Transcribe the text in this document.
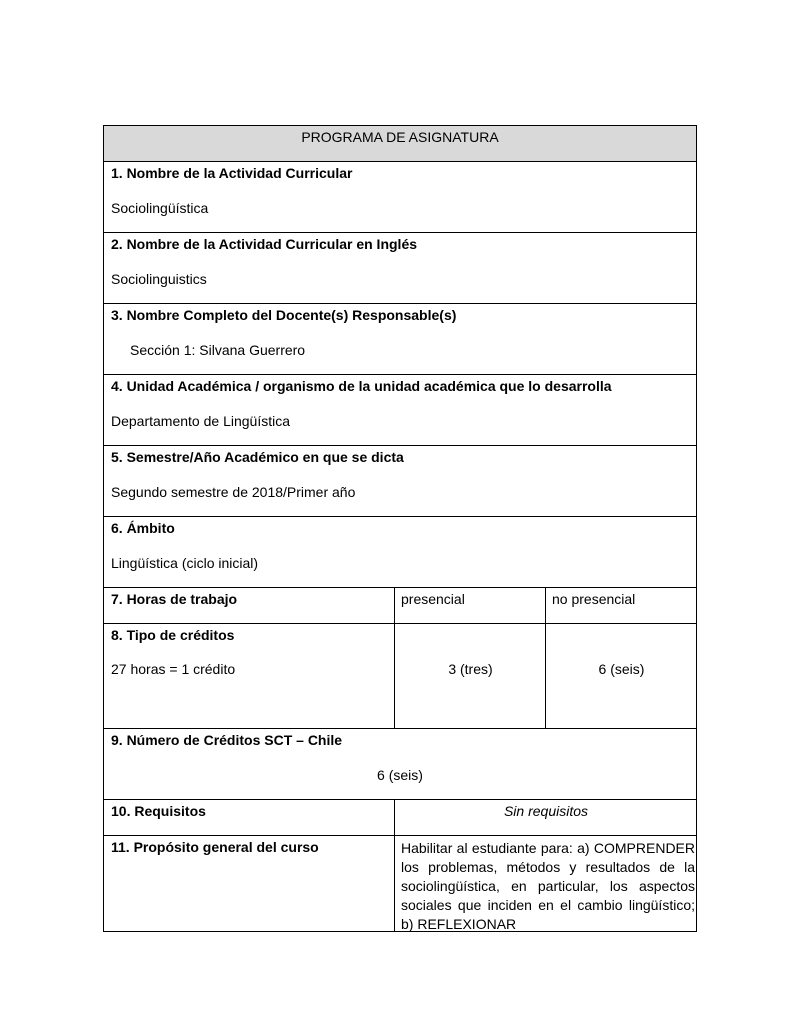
PROGRAMA DE ASIGNATURA
1. Nombre de la Actividad Curricular
Sociolingüística
2. Nombre de la Actividad Curricular en Inglés
Sociolinguistics
3. Nombre Completo del Docente(s) Responsable(s)
Sección 1: Silvana Guerrero
4. Unidad Académica / organismo de la unidad académica que lo desarrolla
Departamento de Lingüística
5. Semestre/Año Académico en que se dicta
Segundo semestre de 2018/Primer año
6. Ámbito
Lingüística (ciclo inicial)
7. Horas de trabajo	presencial	no presencial
8. Tipo de créditos
27 horas = 1 crédito	3 (tres)	6 (seis)
9. Número de Créditos SCT – Chile
6 (seis)
10. Requisitos	Sin requisitos
11. Propósito general del curso	Habilitar al estudiante para: a) COMPRENDER los problemas, métodos y resultados de la sociolingüística, en particular, los aspectos sociales que inciden en el cambio lingüístico; b) REFLEXIONAR
